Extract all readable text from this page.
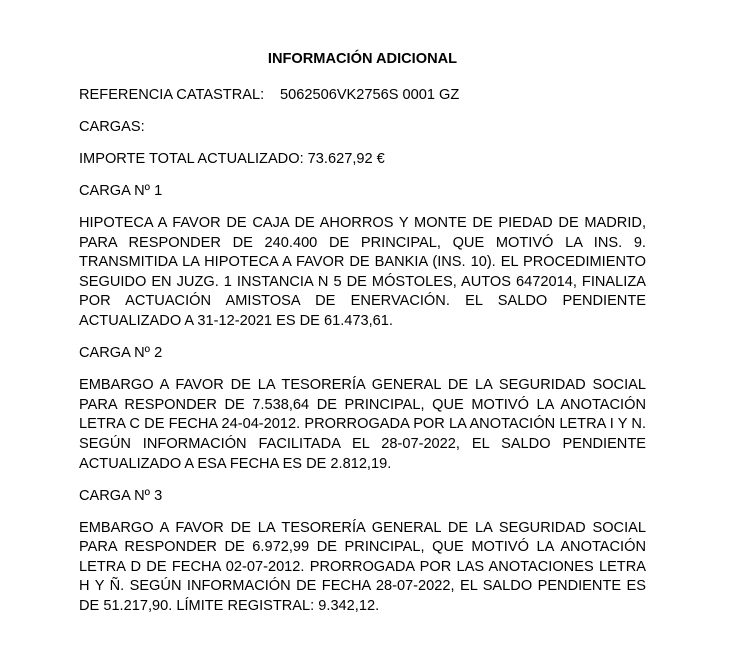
INFORMACIÓN ADICIONAL
REFERENCIA CATASTRAL: 5062506VK2756S 0001 GZ
CARGAS:
IMPORTE TOTAL ACTUALIZADO: 73.627,92 €
CARGA Nº 1
HIPOTECA A FAVOR DE CAJA DE AHORROS Y MONTE DE PIEDAD DE MADRID, PARA RESPONDER DE 240.400 DE PRINCIPAL, QUE MOTIVÓ LA INS. 9. TRANSMITIDA LA HIPOTECA A FAVOR DE BANKIA (INS. 10). EL PROCEDIMIENTO SEGUIDO EN JUZG. 1 INSTANCIA N 5 DE MÓSTOLES, AUTOS 6472014, FINALIZA POR ACTUACIÓN AMISTOSA DE ENERVACIÓN. EL SALDO PENDIENTE ACTUALIZADO A 31-12-2021 ES DE 61.473,61.
CARGA Nº 2
EMBARGO A FAVOR DE LA TESORERÍA GENERAL DE LA SEGURIDAD SOCIAL PARA RESPONDER DE 7.538,64 DE PRINCIPAL, QUE MOTIVÓ LA ANOTACIÓN LETRA C DE FECHA 24-04-2012. PRORROGADA POR LA ANOTACIÓN LETRA I Y N. SEGÚN INFORMACIÓN FACILITADA EL 28-07-2022, EL SALDO PENDIENTE ACTUALIZADO A ESA FECHA ES DE 2.812,19.
CARGA Nº 3
EMBARGO A FAVOR DE LA TESORERÍA GENERAL DE LA SEGURIDAD SOCIAL PARA RESPONDER DE 6.972,99 DE PRINCIPAL, QUE MOTIVÓ LA ANOTACIÓN LETRA D DE FECHA 02-07-2012. PRORROGADA POR LAS ANOTACIONES LETRA H Y Ñ. SEGÚN INFORMACIÓN DE FECHA 28-07-2022, EL SALDO PENDIENTE ES DE 51.217,90. LÍMITE REGISTRAL: 9.342,12.
